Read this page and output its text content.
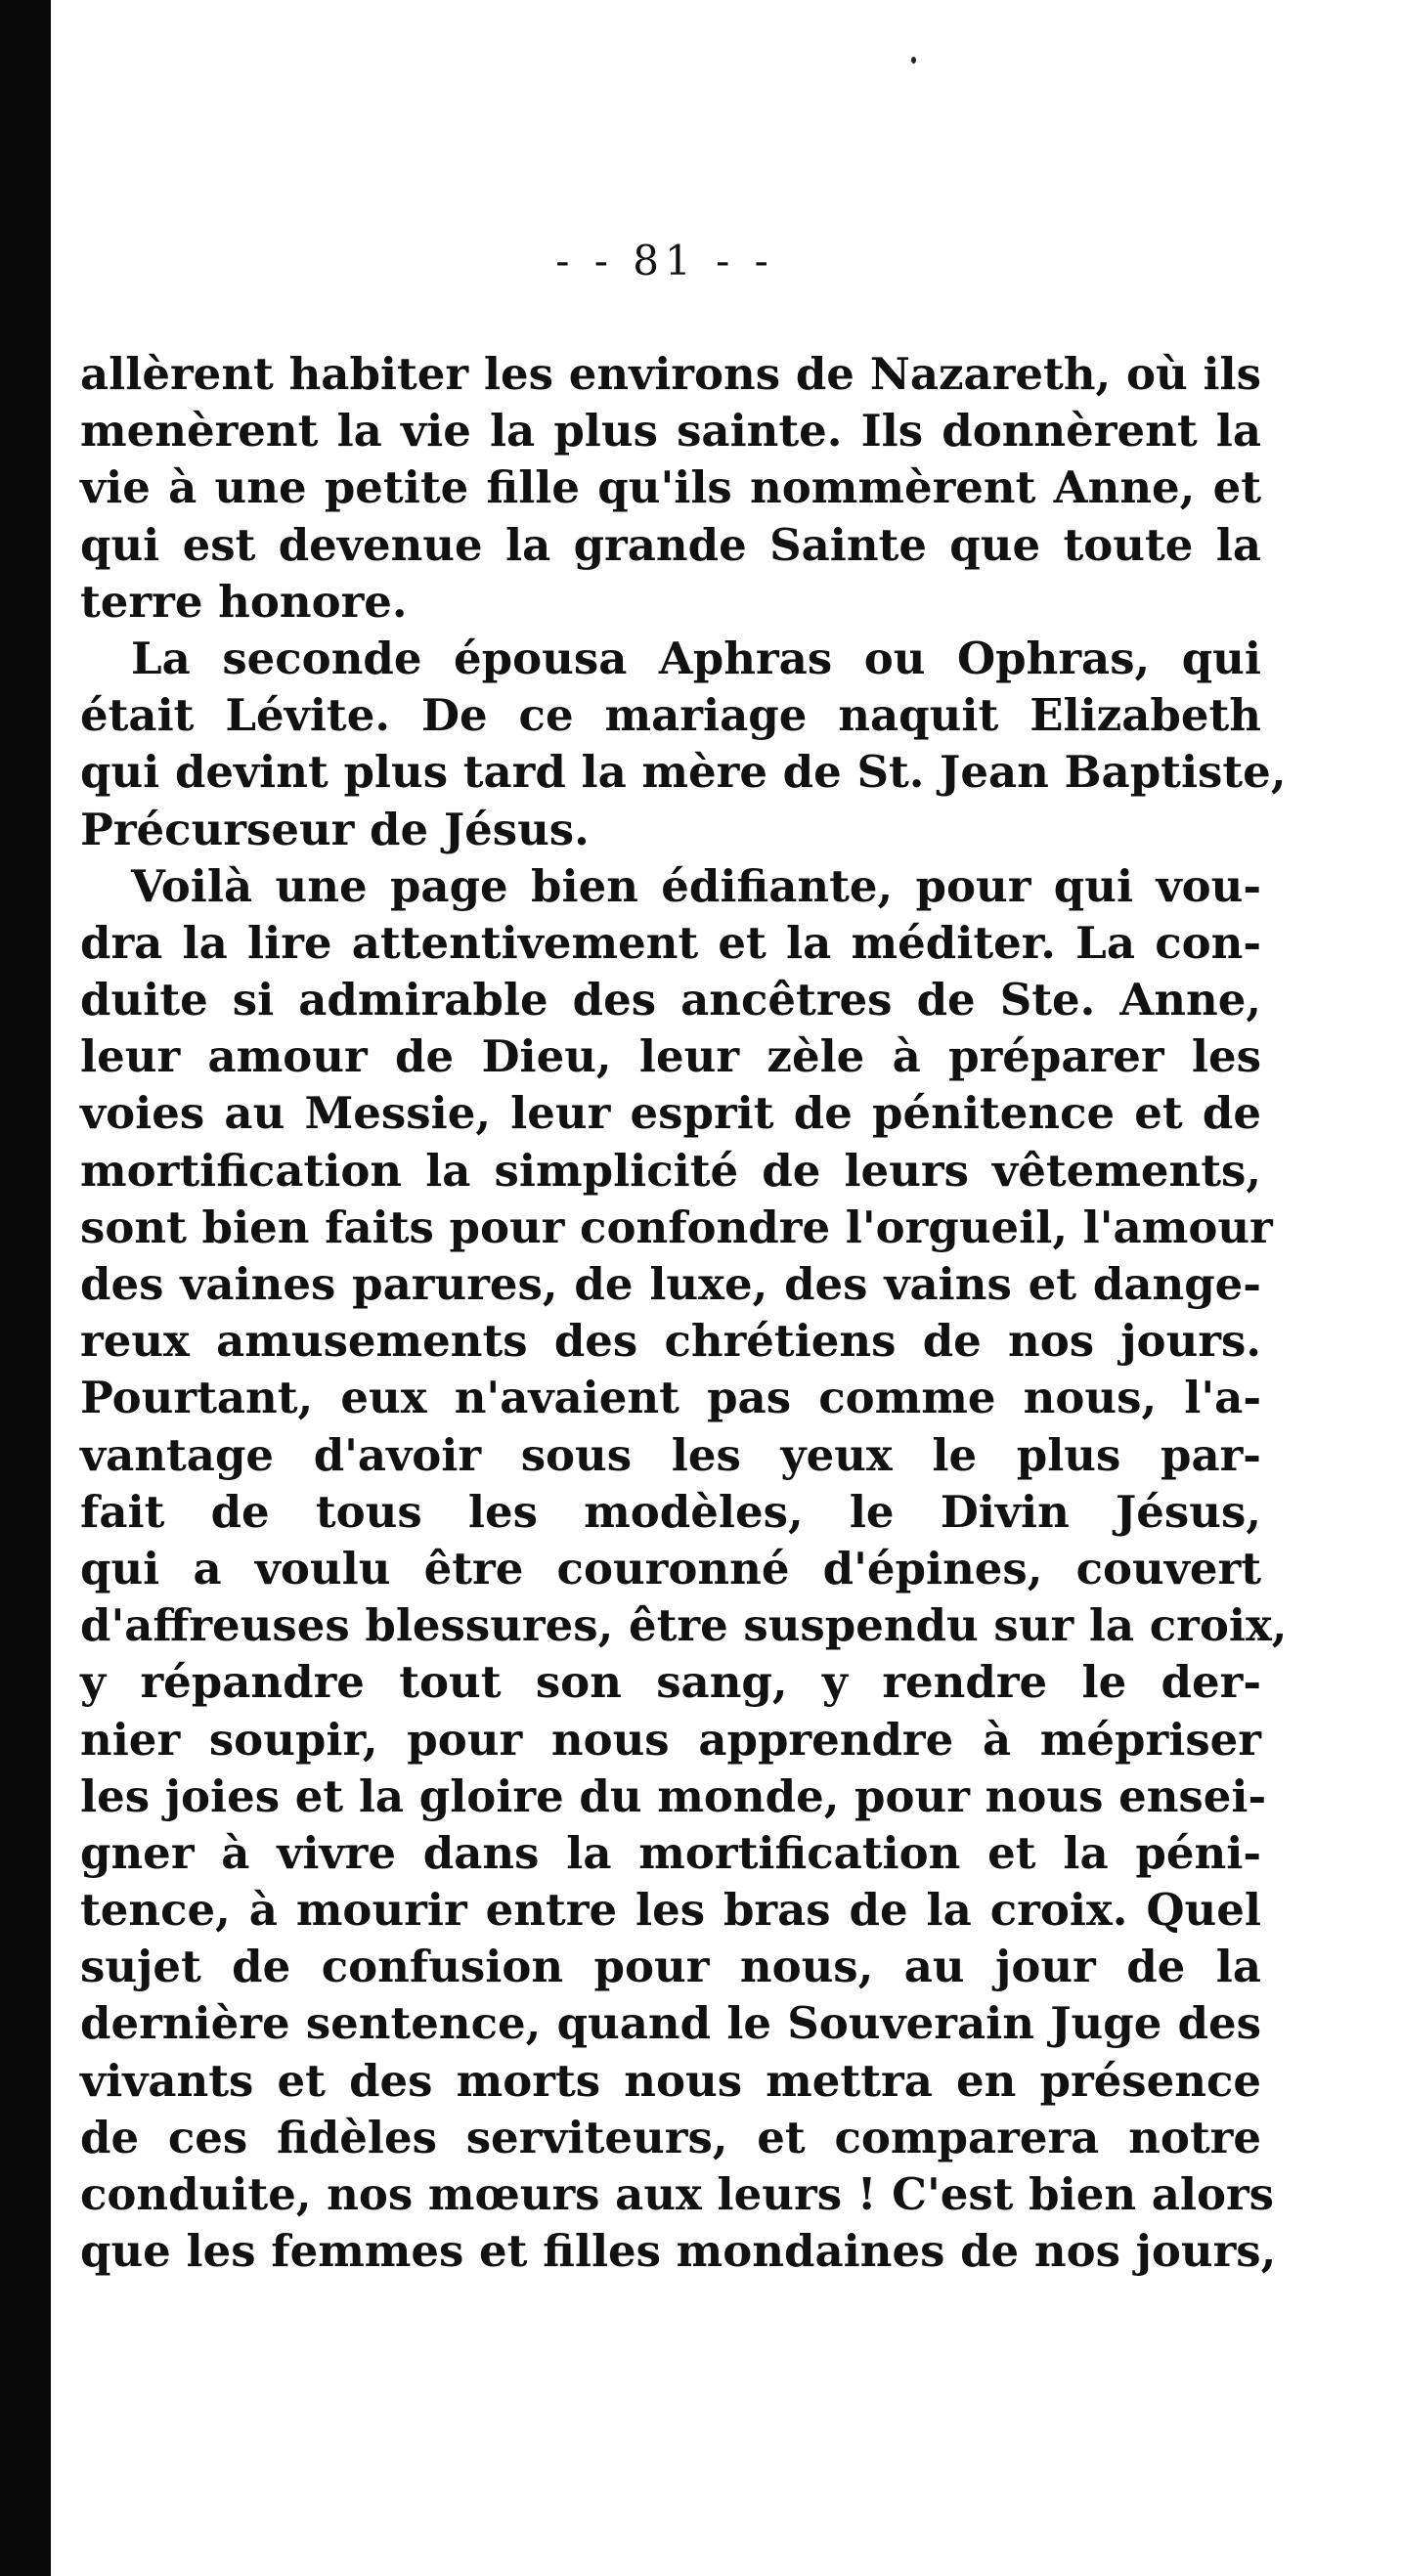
- - 81 - -
allèrent habiter les environs de Nazareth, où ils
menèrent la vie la plus sainte. Ils donnèrent la
vie à une petite fille qu'ils nommèrent Anne, et
qui est devenue la grande Sainte que toute la
terre honore.
La seconde épousa Aphras ou Ophras, qui
était Lévite. De ce mariage naquit Elizabeth
qui devint plus tard la mère de St. Jean Baptiste,
Précurseur de Jésus.
Voilà une page bien édifiante, pour qui vou-
dra la lire attentivement et la méditer. La con-
duite si admirable des ancêtres de Ste. Anne,
leur amour de Dieu, leur zèle à préparer les
voies au Messie, leur esprit de pénitence et de
mortification la simplicité de leurs vêtements,
sont bien faits pour confondre l'orgueil, l'amour
des vaines parures, de luxe, des vains et dange-
reux amusements des chrétiens de nos jours.
Pourtant, eux n'avaient pas comme nous, l'a-
vantage d'avoir sous les yeux le plus par-
fait de tous les modèles, le Divin Jésus,
qui a voulu être couronné d'épines, couvert
d'affreuses blessures, être suspendu sur la croix,
y répandre tout son sang, y rendre le der-
nier soupir, pour nous apprendre à mépriser
les joies et la gloire du monde, pour nous ensei-
gner à vivre dans la mortification et la péni-
tence, à mourir entre les bras de la croix. Quel
sujet de confusion pour nous, au jour de la
dernière sentence, quand le Souverain Juge des
vivants et des morts nous mettra en présence
de ces fidèles serviteurs, et comparera notre
conduite, nos mœurs aux leurs ! C'est bien alors
que les femmes et filles mondaines de nos jours,
